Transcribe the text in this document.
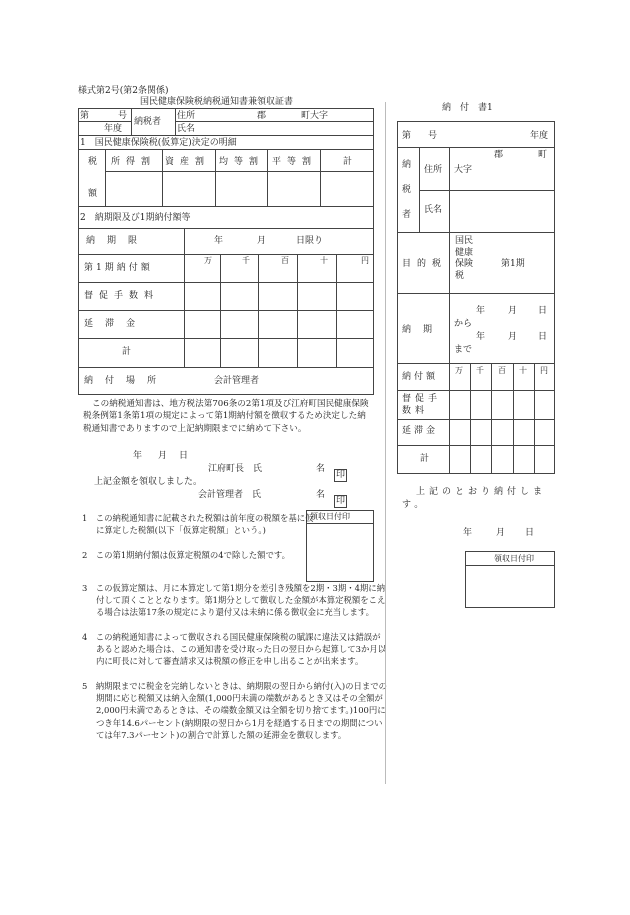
様式第2号(第2条関係)
国民健康保険税納税通知書兼領収証書
第	号
年度
納税者
住所	郡	町大字
氏名
1　国民健康保険税(仮算定)決定の明細
税
額
所得割 資産割 均等割 平等割	計
2　納期限及び1期納付額等
納期限	年	月	日限り
第1期納付額
万	千	百	十	円
督促手数料
延滞金
計
納付場所	会計管理者
この納税通知書は、地方税法第706条の2第1項及び江府町国民健康保険税条例第1条第1項の規定によって第1期納付額を徴収するため決定した納税通知書でありますので上記納期限までに納めて下さい。
年 月 日
江府町長　氏	名
印
上記金額を領収しました。
会計管理者　氏	名
印
領収日付印
1　 この納税通知書に記載された税額は前年度の税額を基に仮に算定した税額(以下「仮算定税額」という。)
2　 この第1期納付額は仮算定税額の4で除した額です。
3　 この仮算定額は、月に本算定して第1期分を差引き残額を2期・3期・4期に納付して頂くこととなります。第1期分として徴収した金額が本算定税額をこえる場合は法第17条の規定により還付又は未納に係る徴収金に充当します。
4　 この納税通知書によって徴収される国民健康保険税の賦課に違法又は錯誤があると認めた場合は、この通知書を受け取った日の翌日から起算して3か月以内に町長に対して審査請求又は税額の修正を申し出ることが出来ます。
5　 納期限までに税金を完納しないときは、納期限の翌日から納付(入)の日までの期間に応じ税額又は納入金額(1,000円未満の端数があるとき又はその全額が2,000円未満であるときは、その端数金額又は全額を切り捨てます。)100円につき年14.6パーセント(納期限の翌日から1月を経過する日までの期間については年7.3パーセント)の割合で計算した額の延滞金を徴収します。
納　付　書1
第 号	年度
納
税
者
住所
郡	町
大字
氏名
目的税
国民健康保険税
第1期
納期
年	月 日
から
年	月 日
まで
納付額
万 千 百 十 円
督促手数料
延滞金
計
上記のとおり納付します。
年	月 日
領収日付印
